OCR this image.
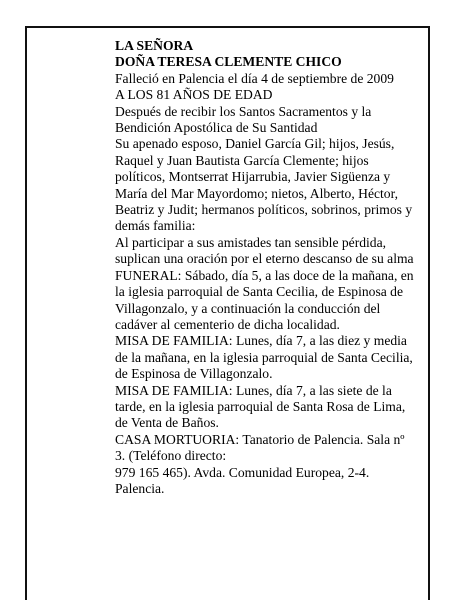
LA SEÑORA

DOÑA TERESA CLEMENTE CHICO

Falleció en Palencia el día 4 de septiembre de 2009

A LOS 81 AÑOS DE EDAD

Después de recibir los Santos Sacramentos y la Bendición Apostólica de Su Santidad

Su apenado esposo, Daniel García Gil; hijos, Jesús, Raquel y Juan Bautista García Clemente; hijos políticos, Montserrat Hijarrubia, Javier Sigüenza y María del Mar Mayordomo; nietos, Alberto, Héctor, Beatriz y Judit; hermanos políticos, sobrinos, primos y demás familia:

Al participar a sus amistades tan sensible pérdida, suplican una oración por el eterno descanso de su alma

FUNERAL: Sábado, día 5, a las doce de la mañana, en la iglesia parroquial de Santa Cecilia, de Espinosa de Villagonzalo, y a continuación la conducción del cadáver al cementerio de dicha localidad.

MISA DE FAMILIA: Lunes, día 7, a las diez y media de la mañana, en la iglesia parroquial de Santa Cecilia, de Espinosa de Villagonzalo.

MISA DE FAMILIA: Lunes, día 7, a las siete de la tarde, en la iglesia parroquial de Santa Rosa de Lima, de Venta de Baños.

CASA MORTUORIA: Tanatorio de Palencia. Sala nº 3. (Teléfono directo:

979 165 465). Avda. Comunidad Europea, 2-4. Palencia.
